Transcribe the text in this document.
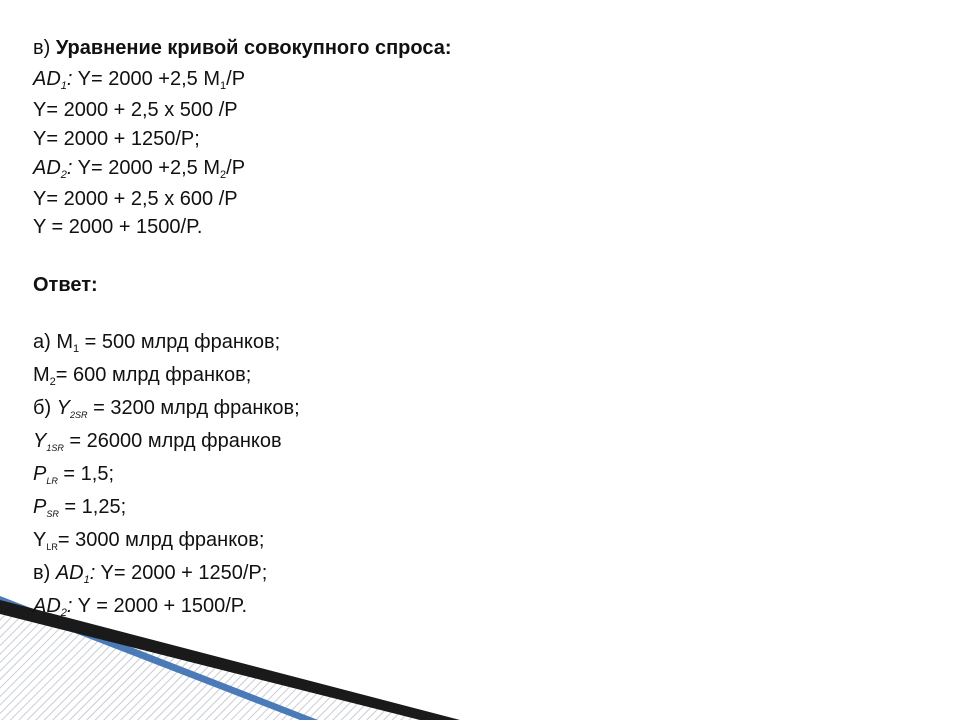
в) Уравнение кривой совокупного спроса:
$AD_1$: Y= 2000 +2,5 $M_1/P$
Y= 2000 + 2,5 x 500 /P
Y= 2000 + 1250/P;
$AD_2$: Y= 2000 +2,5 $M_2/P$
Y= 2000 + 2,5 x 600 /P
Y = 2000 + 1500/P.
Ответ:
а) $M_1 = 500$ млрд франков;
$M_2= 600$ млрд франков;
б) $Y_{2SR} = 3200$ млрд франков;
$Y_{1SR} = 26000$ млрд франков
$P_{LR} = 1,5$;
$P_{SR} = 1,25$;
$Y_{LR}= 3000$ млрд франков;
в) $AD_1$: Y= 2000 + 1250/P;
$AD_2$: Y = 2000 + 1500/P.
